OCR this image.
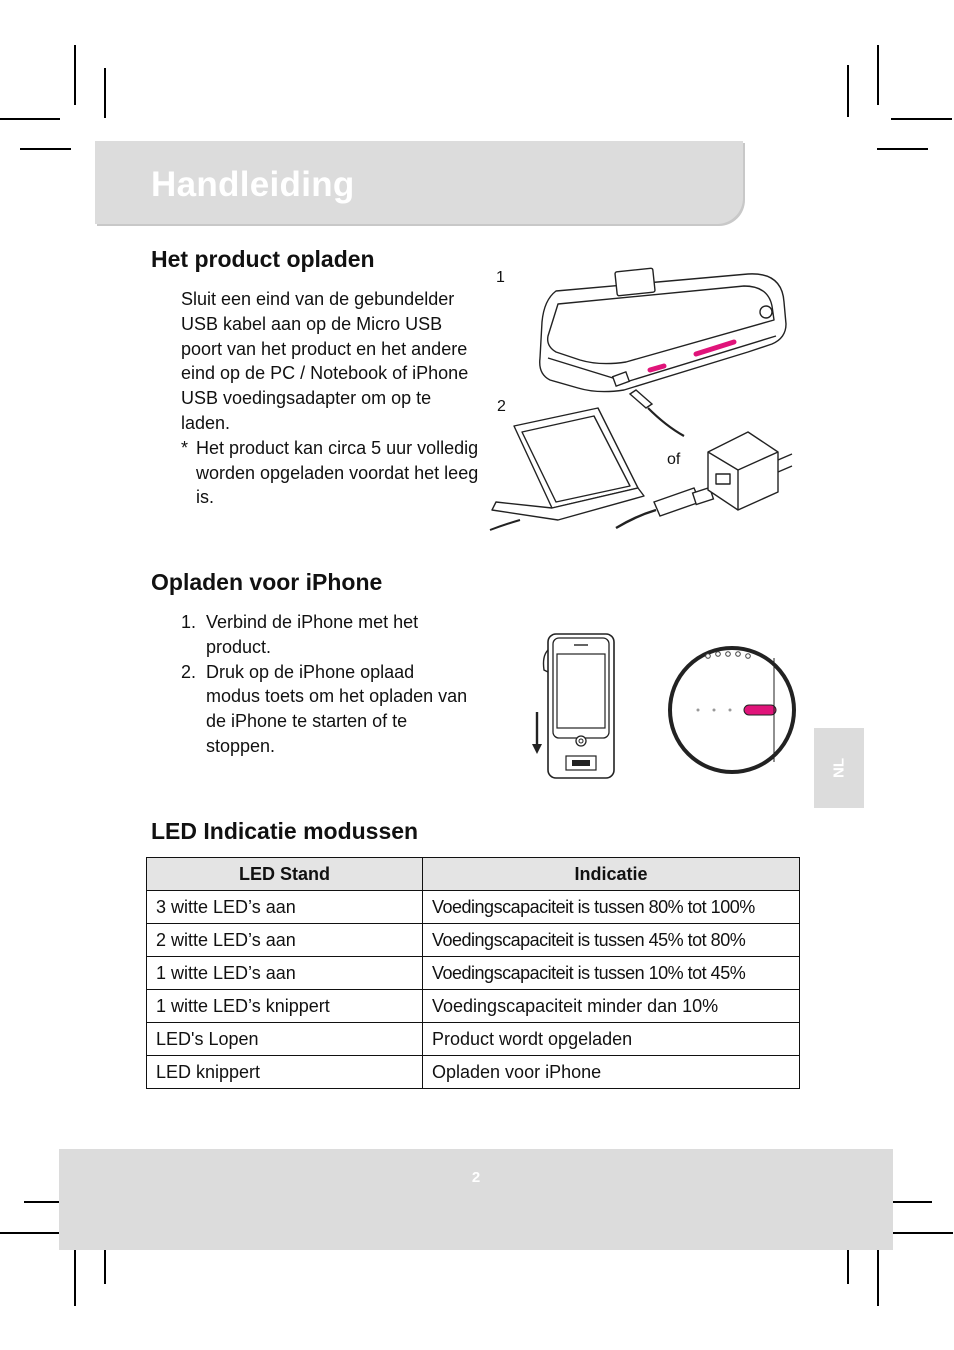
Handleiding
Het product opladen

Sluit een eind van de gebundelder USB kabel aan op de Micro USB poort van het product en het andere eind op de PC / Notebook of iPhone USB voedingsadapter om op te laden.

* Het product kan circa 5 uur volledig worden opgeladen voordat het leeg is.
1
2
of
Opladen voor iPhone
1. Verbind de iPhone met het product.
2. Druk op de iPhone oplaad modus toets om het opladen van de iPhone te starten of te stoppen.
NL
LED Indicatie modussen
LED Stand	Indicatie
3 witte LED’s aan	Voedingscapaciteit is tussen 80% tot 100%
2 witte LED’s aan	Voedingscapaciteit is tussen 45% tot 80%
1 witte LED’s aan	Voedingscapaciteit is tussen 10% tot 45%
1 witte LED’s knippert	Voedingscapaciteit minder dan 10%
LED's Lopen	Product wordt opgeladen
LED knippert	Opladen voor iPhone
2
